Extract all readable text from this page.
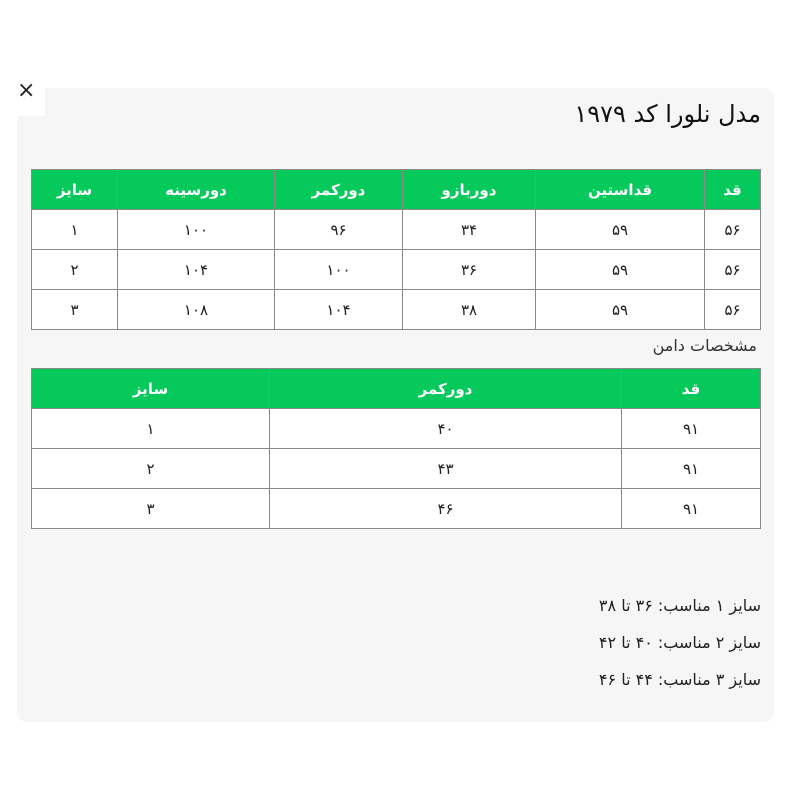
×
مدل نلورا کد ۱۹۷۹
قد	قداستین	دوربازو	دورکمر	دورسینه	سایز
۵۶	۵۹	۳۴	۹۶	۱۰۰	۱
۵۶	۵۹	۳۶	۱۰۰	۱۰۴	۲
۵۶	۵۹	۳۸	۱۰۴	۱۰۸	۳

مشخصات دامن

قد	دورکمر	سایز
۹۱	۴۰	۱
۹۱	۴۳	۲
۹۱	۴۶	۳
سایز ۱ مناسب: ۳۶ تا ۳۸
سایز ۲ مناسب: ۴۰ تا ۴۲
سایز ۳ مناسب: ۴۴ تا ۴۶
